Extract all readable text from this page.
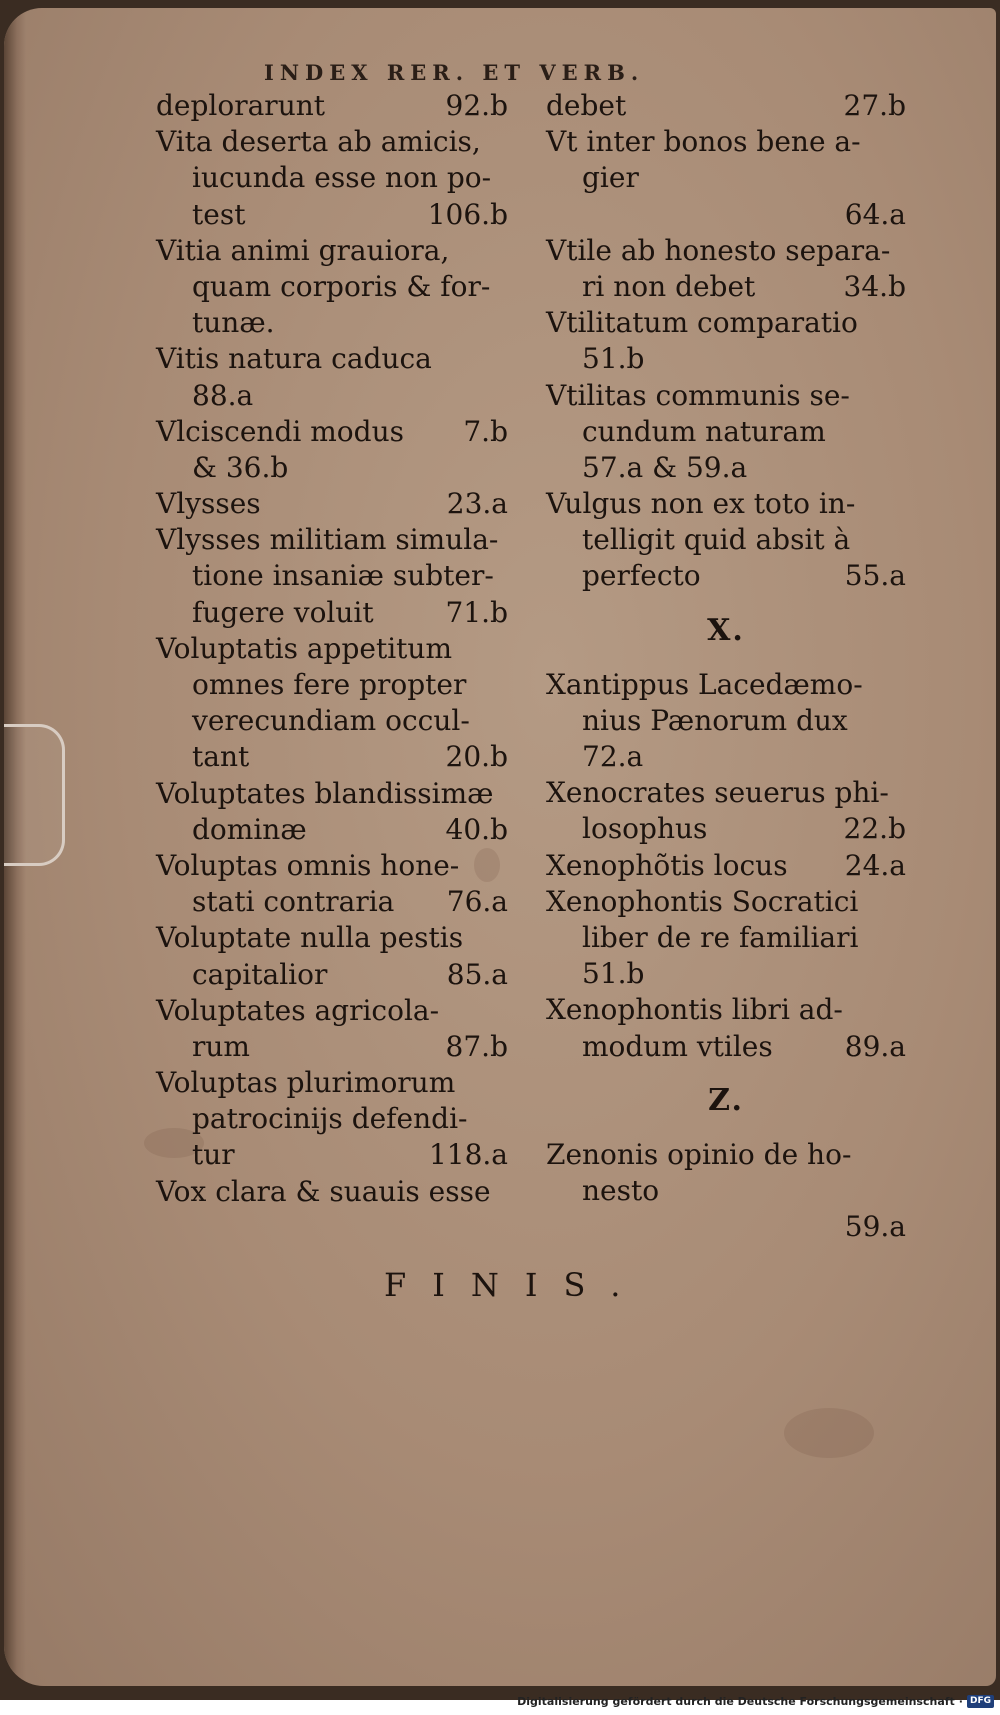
INDEX RER. ET VERB.
deplorarunt	92.b
Vita deserta ab amicis,
iucunda esse non po-
test	106.b
Vitia animi grauiora,
quam corporis & for-
tunæ.
Vitis natura caduca
88.a
Vlciscendi modus 7.b
& 36.b
Vlysses	23.a
Vlysses militiam simula-
tione insaniæ subter-
fugere voluit	71.b
Voluptatis appetitum
omnes fere propter
verecundiam occul-
tant	20.b
Voluptates blandissimæ
dominæ	40.b
Voluptas omnis hone-
stati contraria 76.a
Voluptate nulla pestis
capitalior	85.a
Voluptates agricola-
rum	87.b
Voluptas plurimorum
patrocinijs defendi-
tur	118.a
Vox clara & suauis esse
debet	27.b
Vt inter bonos bene a-
gier
64.a
Vtile ab honesto separa-
ri non debet	34.b
Vtilitatum comparatio
51.b
Vtilitas communis se-
cundum naturam
57.a & 59.a
Vulgus non ex toto in-
telligit quid absit à
perfecto	55.a
X.
Xantippus Lacedæmo-
nius Pænorum dux
72.a
Xenocrates seuerus phi-
losophus	22.b
Xenophõtis locus 24.a
Xenophontis Socratici
liber de re familiari
51.b
Xenophontis libri ad-
modum vtiles	89.a
Z.
Zenonis opinio de ho-
nesto
59.a
FINIS.
Digitalisierung gefördert durch die Deutsche Forschungsgemeinschaft · DFG
